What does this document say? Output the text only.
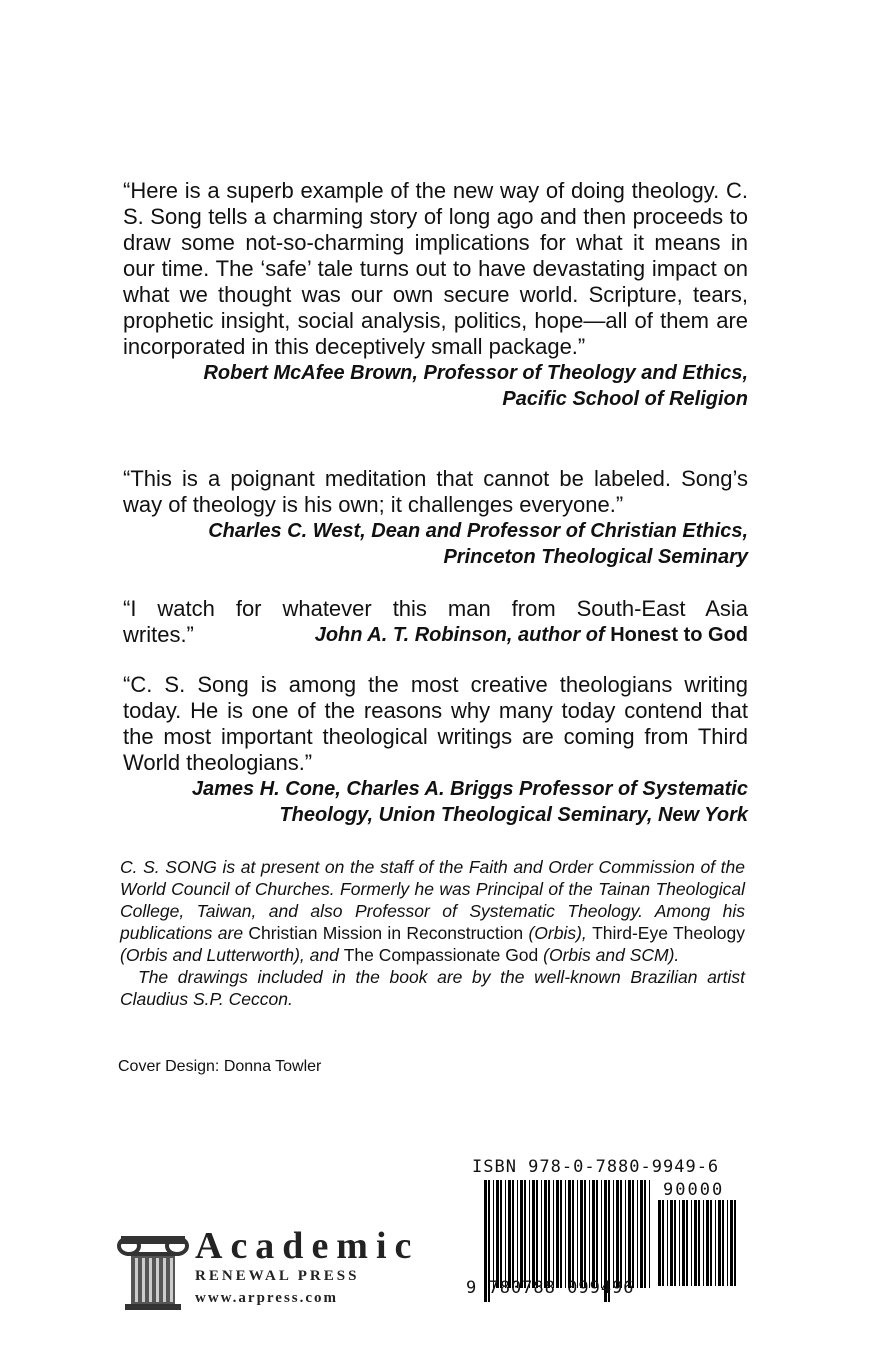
“Here is a superb example of the new way of doing theology. C. S. Song tells a charming story of long ago and then proceeds to draw some not-so-charming implications for what it means in our time. The ‘safe’ tale turns out to have devastating impact on what we thought was our own secure world. Scripture, tears, prophetic insight, social analysis, politics, hope—all of them are incorporated in this deceptively small package.”

Robert McAfee Brown, Professor of Theology and Ethics,

Pacific School of Religion

“This is a poignant meditation that cannot be labeled. Song’s way of theology is his own; it challenges everyone.”

Charles C. West, Dean and Professor of Christian Ethics,

Princeton Theological Seminary

“I watch for whatever this man from South-East Asia

writes.”	John A. T. Robinson, author of Honest to God

“C. S. Song is among the most creative theologians writing today. He is one of the reasons why many today contend that the most important theological writings are coming from Third World theologians.”

James H. Cone, Charles A. Briggs Professor of Systematic

Theology, Union Theological Seminary, New York

C. S. SONG is at present on the staff of the Faith and Order Commission of the World Council of Churches. Formerly he was Principal of the Tainan Theological College, Taiwan, and also Professor of Systematic Theology. Among his publications are Christian Mission in Reconstruction (Orbis), Third-Eye Theology (Orbis and Lutterworth), and The Compassionate God (Orbis and SCM).

The drawings included in the book are by the well-known Brazilian artist Claudius S.P. Ceccon.

Cover Design: Donna Towler
Academic
RENEWAL PRESS
www.arpress.com
ISBN 978-0-7880-9949-6
90000
9 780788 099496
